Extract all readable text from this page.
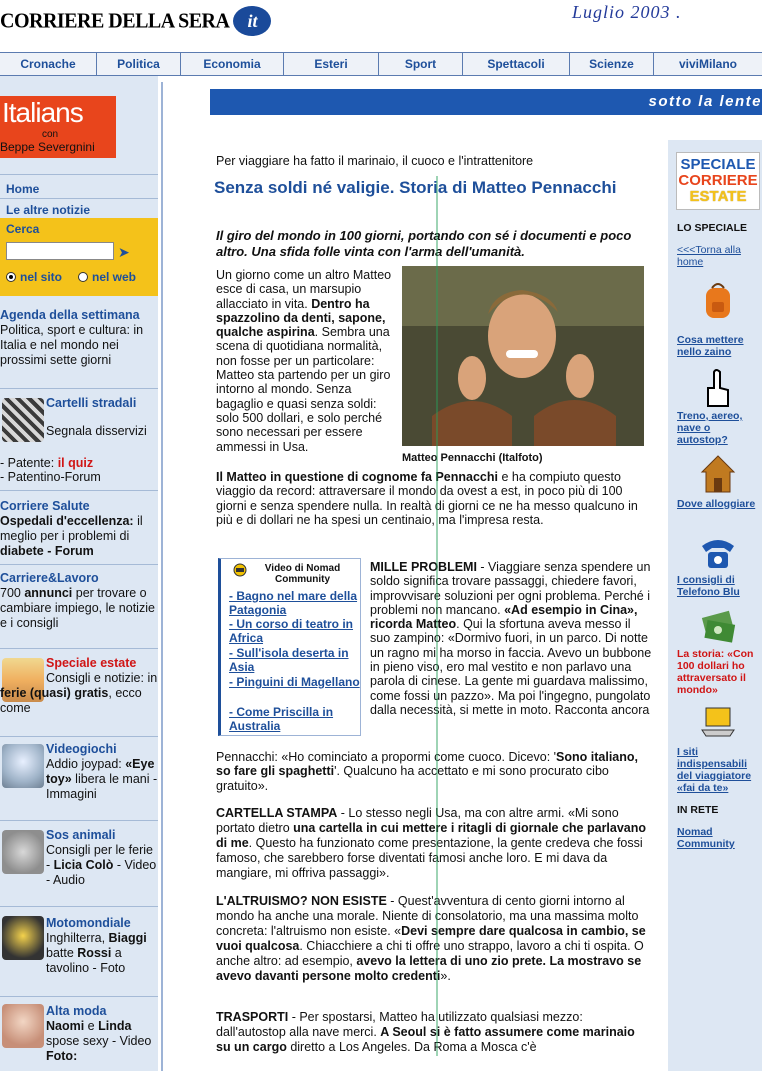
CORRIERE DELLA SERA it	Luglio 2003 .
Cronache	Politica	Economia	Esteri	Sport	Spettacoli	Scienze	viviMilano
Italians
con
Beppe Severgnini
Home
Le altre notizie
Cerca
➤
nel sito nel web
Agenda della settimana Politica, sport e cultura: in Italia e nel mondo nei prossimi sette giorni
Cartelli stradali
Segnala disservizi
- Patente: il quiz
- Patentino-Forum
Corriere Salute
Ospedali d'eccellenza: il meglio per i problemi di diabete - Forum
Carriere&Lavoro
700 annunci per trovare o cambiare impiego, le notizie e i consigli
Speciale estate
Consigli e notizie: in ferie (quasi) gratis, ecco come
Videogiochi
Addio joypad: «Eye toy» libera le mani - Immagini
Sos animali
Consigli per le ferie - Licia Colò - Video - Audio
Motomondiale
Inghilterra, Biaggi batte Rossi a tavolino - Foto
Alta moda
Naomi e Linda spose sexy - Video Foto:
sotto la lente
Per viaggiare ha fatto il marinaio, il cuoco e l'intrattenitore
Senza soldi né valigie. Storia di Matteo Pennacchi
Il giro del mondo in 100 giorni, portando con sé i documenti e poco altro. Una sfida folle vinta con l'arma dell'umanità.
Un giorno come un altro Matteo esce di casa, un marsupio allacciato in vita. Dentro ha spazzolino da denti, sapone, qualche aspirina. Sembra una scena di quotidiana normalità, non fosse per un particolare: Matteo sta partendo per un giro intorno al mondo. Senza bagaglio e quasi senza soldi: solo 500 dollari, e solo perché sono necessari per essere ammessi in Usa.
Matteo Pennacchi (Italfoto)
Il Matteo in questione di cognome fa Pennacchi e ha compiuto questo viaggio da record: attraversare il mondo da ovest a est, in poco più di 100 giorni e senza spendere nulla. In realtà di giorni ce ne ha messo qualcuno in più e di dollari ne ha spesi un centinaio, ma l'impresa resta.
Video di Nomad Community
- Bagno nel mare della Patagonia
- Un corso di teatro in Africa
- Sull'isola deserta in Asia
- Pinguini di Magellano
- Come Priscilla in Australia
MILLE PROBLEMI - Viaggiare senza spendere un soldo significa trovare passaggi, chiedere favori, improvvisare soluzioni per ogni problema. Perché i problemi non mancano. «Ad esempio in Cina», ricorda Matteo. Qui la sfortuna aveva messo il suo zampino: «Dormivo fuori, in un parco. Di notte un ragno mi ha morso in faccia. Avevo un bubbone in pieno viso, ero mal vestito e non parlavo una parola di cinese. La gente mi guardava malissimo, come fossi un pazzo». Ma poi l'ingegno, pungolato dalla necessità, si mette in moto. Racconta ancora
Pennacchi: «Ho cominciato a propormi come cuoco. Dicevo: 'Sono italiano, so fare gli spaghetti'. Qualcuno ha accettato e mi sono procurato cibo gratuito».
CARTELLA STAMPA - Lo stesso negli Usa, ma con altre armi. «Mi sono portato dietro una cartella in cui mettere i ritagli di giornale che parlavano di me. Questo ha funzionato come presentazione, la gente credeva che fossi famoso, che sarebbero forse diventati famosi anche loro. E mi dava da mangiare, mi offriva passaggi».
L'ALTRUISMO? NON ESISTE - Quest'avventura di cento giorni intorno al mondo ha anche una morale. Niente di consolatorio, ma una massima molto concreta: l'altruismo non esiste. «Devi sempre dare qualcosa in cambio, se vuoi qualcosa. Chiacchiere a chi ti offre uno strappo, lavoro a chi ti ospita. O anche altro: ad esempio, avevo la lettera di uno zio prete. La mostravo se avevo davanti persone molto credenti».
TRASPORTI - Per spostarsi, Matteo ha utilizzato qualsiasi mezzo: dall'autostop alla nave merci. A Seoul si è fatto assumere come marinaio su un cargo diretto a Los Angeles. Da Roma a Mosca c'è
SPECIALE
CORRIERE
ESTATE
LO SPECIALE
<<<Torna alla home
Cosa mettere nello zaino
Treno, aereo, nave o autostop?
Dove alloggiare
I consigli di Telefono Blu
La storia: «Con 100 dollari ho attraversato il mondo»
I siti indispensabili del viaggiatore «fai da te»
IN RETE
Nomad Community
